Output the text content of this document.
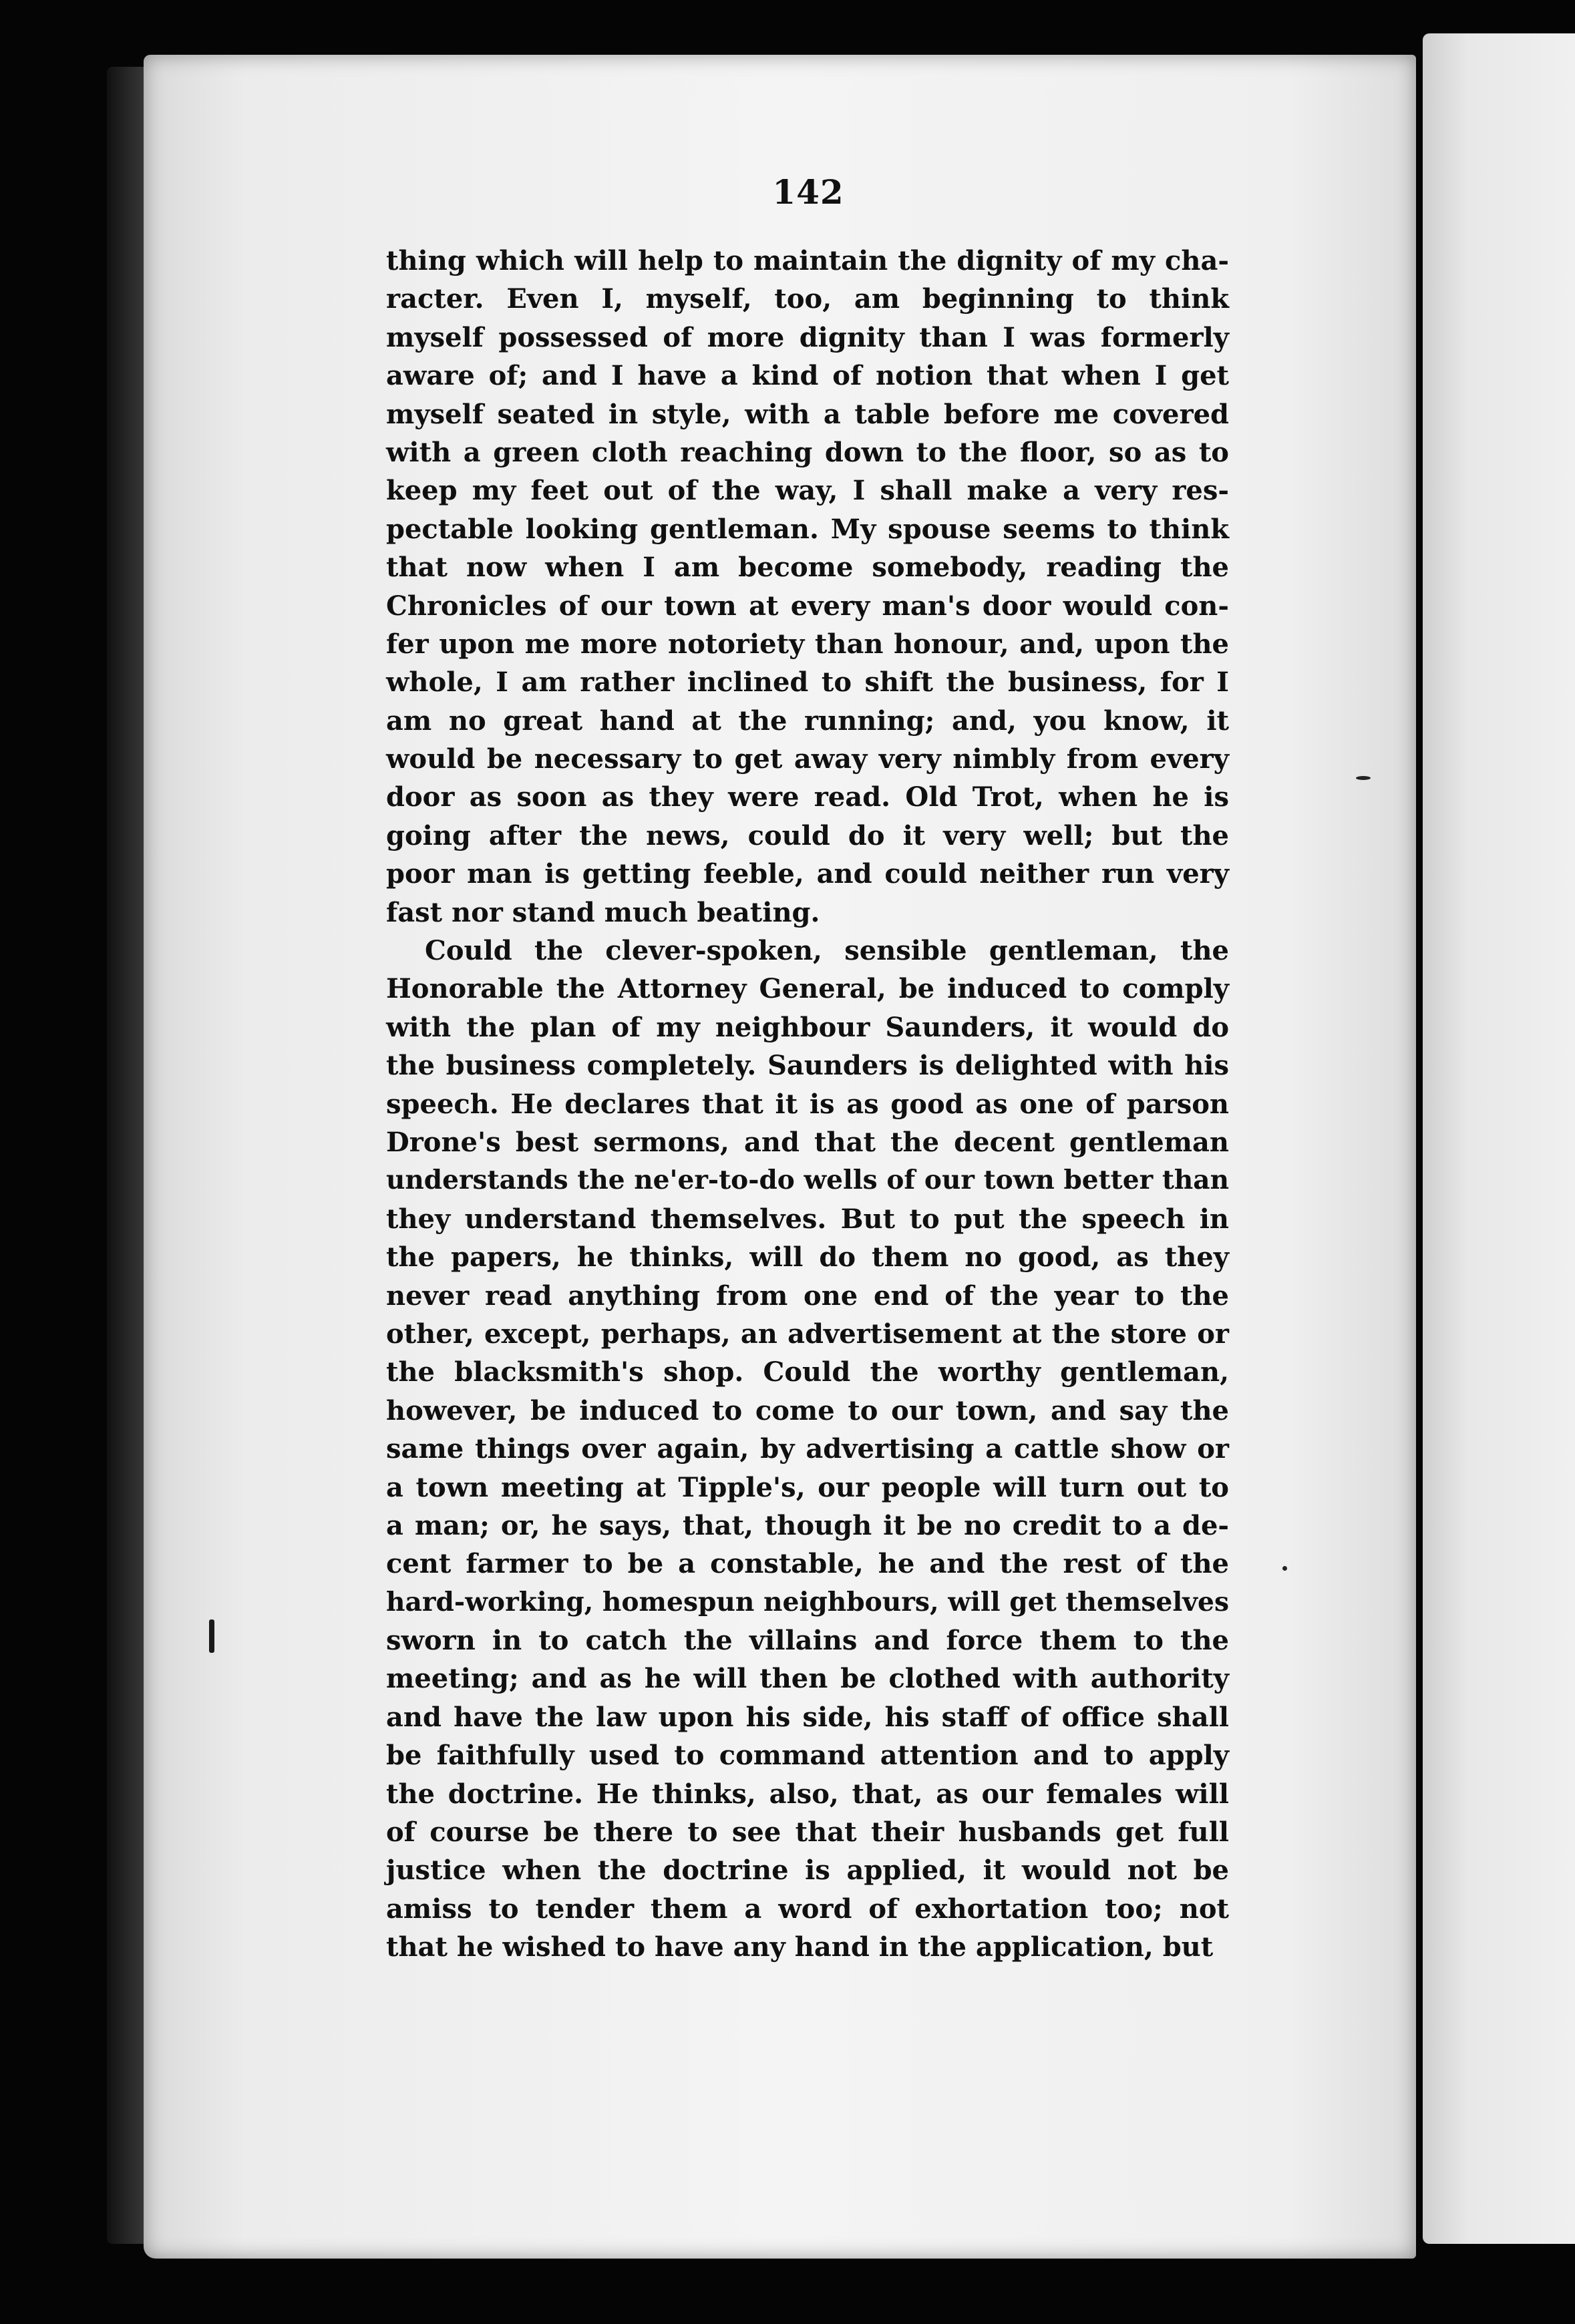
142
thing which will help to maintain the dignity of my cha-
racter. Even I, myself, too, am beginning to think
myself possessed of more dignity than I was formerly
aware of; and I have a kind of notion that when I get
myself seated in style, with a table before me covered
with a green cloth reaching down to the floor, so as to
keep my feet out of the way, I shall make a very res-
pectable looking gentleman. My spouse seems to think
that now when I am become somebody, reading the
Chronicles of our town at every man's door would con-
fer upon me more notoriety than honour, and, upon the
whole, I am rather inclined to shift the business, for I
am no great hand at the running; and, you know, it
would be necessary to get away very nimbly from every
door as soon as they were read. Old Trot, when he is
going after the news, could do it very well; but the
poor man is getting feeble, and could neither run very
fast nor stand much beating.
Could the clever-spoken, sensible gentleman, the
Honorable the Attorney General, be induced to comply
with the plan of my neighbour Saunders, it would do
the business completely. Saunders is delighted with his
speech. He declares that it is as good as one of parson
Drone's best sermons, and that the decent gentleman
understands the ne'er-to-do wells of our town better than
they understand themselves. But to put the speech in
the papers, he thinks, will do them no good, as they
never read anything from one end of the year to the
other, except, perhaps, an advertisement at the store or
the blacksmith's shop. Could the worthy gentleman,
however, be induced to come to our town, and say the
same things over again, by advertising a cattle show or
a town meeting at Tipple's, our people will turn out to
a man; or, he says, that, though it be no credit to a de-
cent farmer to be a constable, he and the rest of the
hard-working, homespun neighbours, will get themselves
sworn in to catch the villains and force them to the
meeting; and as he will then be clothed with authority
and have the law upon his side, his staff of office shall
be faithfully used to command attention and to apply
the doctrine. He thinks, also, that, as our females will
of course be there to see that their husbands get full
justice when the doctrine is applied, it would not be
amiss to tender them a word of exhortation too; not
that he wished to have any hand in the application, but
